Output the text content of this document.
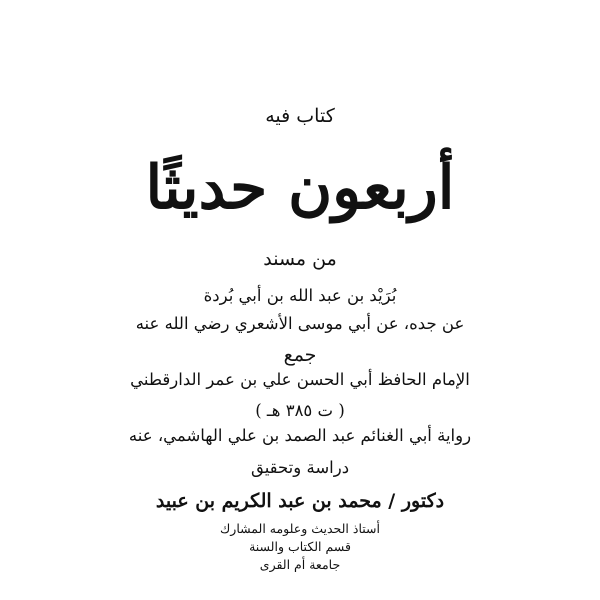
كتاب فيه
أربعون حديثًا
من مسند
بُرَيْد بن عبد الله بن أبي بُردة
عن جده، عن أبي موسى الأشعري رضي الله عنه
جمع
الإمام الحافظ أبي الحسن علي بن عمر الدارقطني
( ت ٣٨٥ هـ )
رواية أبي الغنائم عبد الصمد بن علي الهاشمي، عنه
دراسة وتحقيق
دكتور / محمد بن عبد الكريم بن عبيد
أستاذ الحديث وعلومه المشارك
قسم الكتاب والسنة
جامعة أم القرى
